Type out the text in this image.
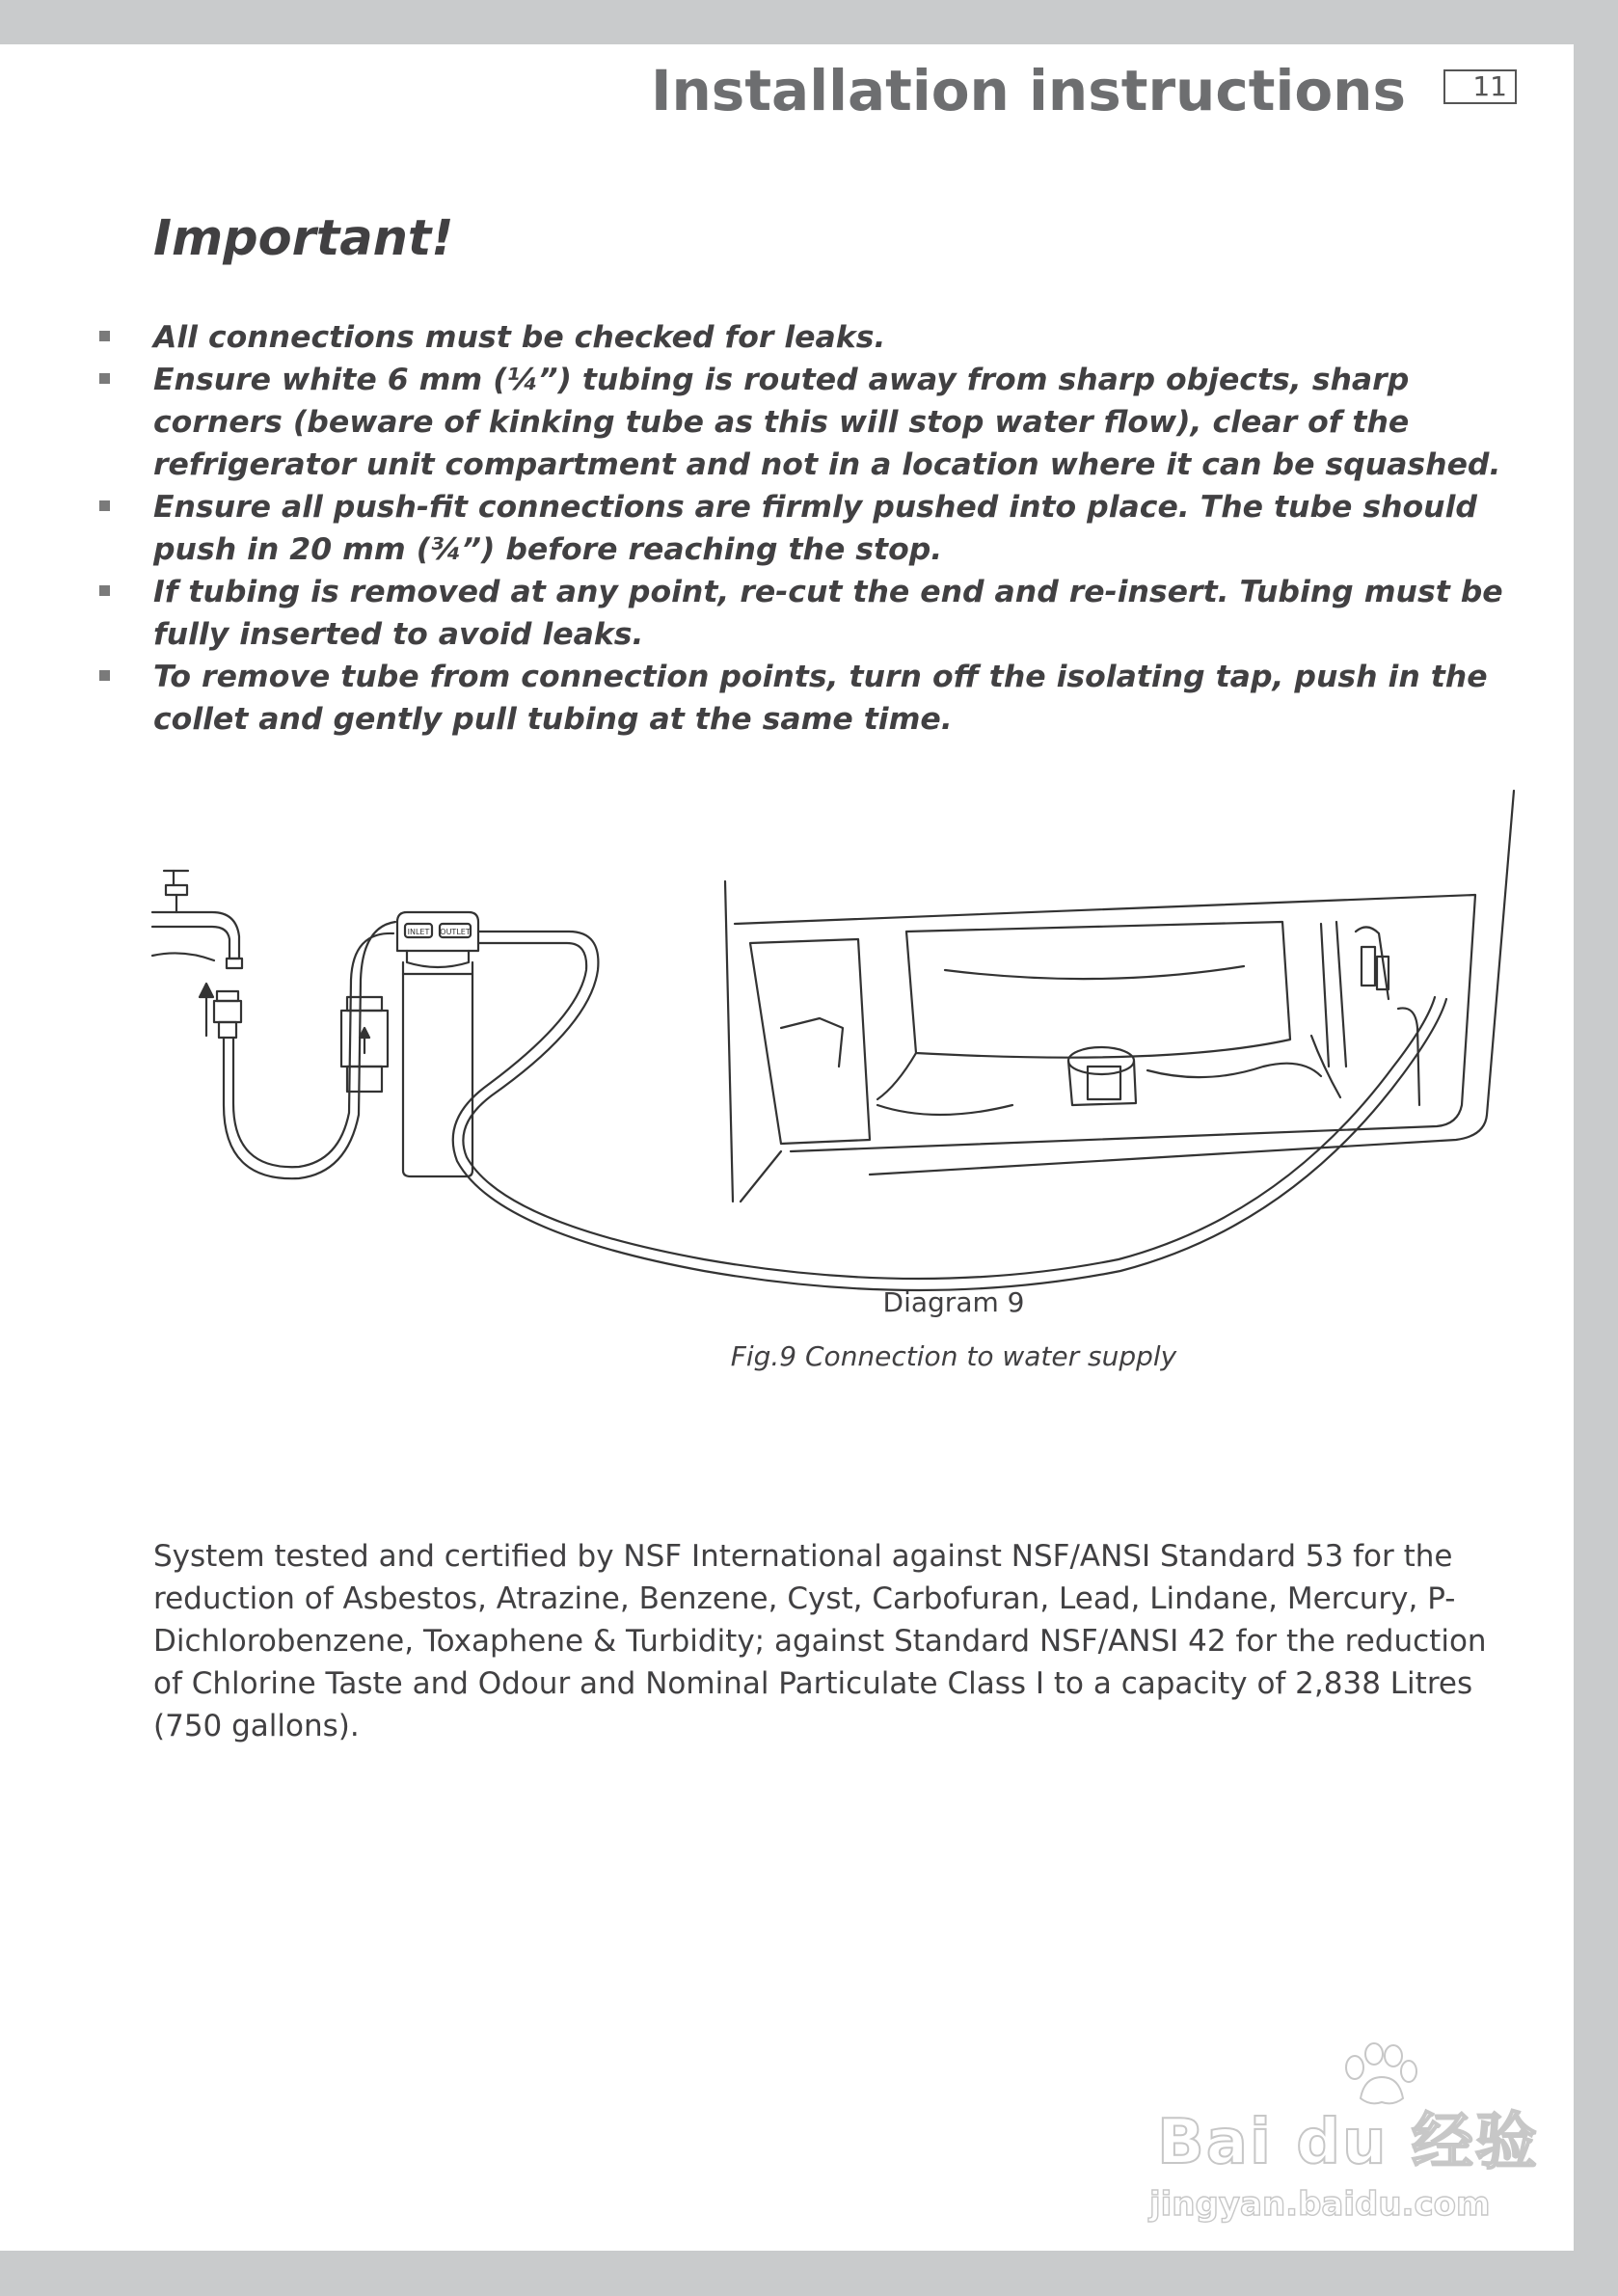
Installation instructions	11
Important!
All connections must be checked for leaks.
Ensure white 6 mm (¼”) tubing is routed away from sharp objects, sharp corners (beware of kinking tube as this will stop water flow), clear of the refrigerator unit compartment and not in a location where it can be squashed.
Ensure all push-fit connections are firmly pushed into place. The tube should push in 20 mm (¾”) before reaching the stop.
If tubing is removed at any point, re-cut the end and re-insert. Tubing must be fully inserted to avoid leaks.
To remove tube from connection points, turn off the isolating tap, push in the collet and gently pull tubing at the same time.
INLET OUTLET
Diagram 9
Fig.9 Connection to water supply
System tested and certified by NSF International against NSF/ANSI Standard 53 for the reduction of Asbestos, Atrazine, Benzene, Cyst, Carbofuran, Lead, Lindane, Mercury, P-Dichlorobenzene, Toxaphene & Turbidity; against Standard NSF/ANSI 42 for the reduction of Chlorine Taste and Odour and Nominal Particulate Class I to a capacity of 2,838 Litres (750 gallons).
Bai du 经验
jingyan.baidu.com
